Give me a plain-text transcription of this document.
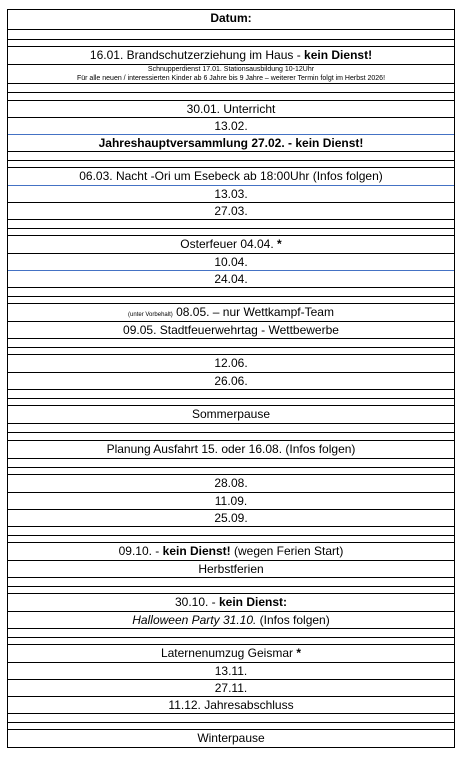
Datum:
16.01. Brandschutzerziehung im Haus - kein Dienst!
Schnupperdienst 17.01. Stationsausbildung 10-12Uhr
Für alle neuen / interessierten Kinder ab 6 Jahre bis 9 Jahre – weiterer Termin folgt im Herbst 2026!
30.01. Unterricht
13.02.
Jahreshauptversammlung 27.02. - kein Dienst!
06.03. Nacht -Ori um Esebeck ab 18:00Uhr (Infos folgen)
13.03.
27.03.
Osterfeuer 04.04. *
10.04.
24.04.
(unter Vorbehalt) 08.05. – nur Wettkampf-Team
09.05. Stadtfeuerwehrtag - Wettbewerbe
12.06.
26.06.
Sommerpause
Planung Ausfahrt 15. oder 16.08. (Infos folgen)
28.08.
11.09.
25.09.
09.10. - kein Dienst! (wegen Ferien Start)
Herbstferien
30.10. - kein Dienst:
Halloween Party 31.10. (Infos folgen)
Laternenumzug Geismar *
13.11.
27.11.
11.12. Jahresabschluss
Winterpause
